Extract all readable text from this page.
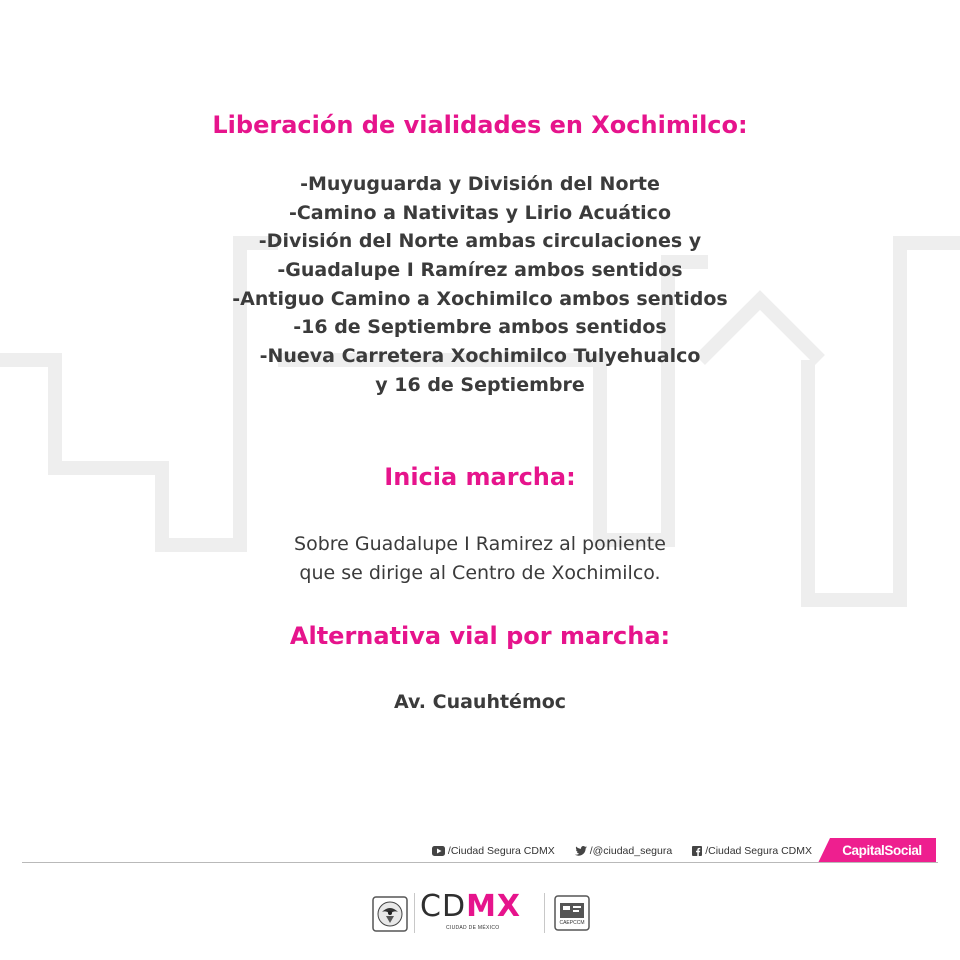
Liberación de vialidades en Xochimilco:
-Muyuguarda y División del Norte
-Camino a Nativitas y Lirio Acuático
-División del Norte ambas circulaciones y
-Guadalupe I Ramírez ambos sentidos
-Antiguo Camino a Xochimilco ambos sentidos
-16 de Septiembre ambos sentidos
-Nueva Carretera Xochimilco Tulyehualco
y 16 de Septiembre
Inicia marcha:
Sobre Guadalupe I Ramirez al poniente
que se dirige al Centro de Xochimilco.
Alternativa vial por marcha:
Av. Cuauhtémoc
/Ciudad Segura CDMX	/@ciudad_segura	/Ciudad Segura CDMX	CapitalSocial
CDMX
CIUDAD DE MÉXICO
CAEPCCM
